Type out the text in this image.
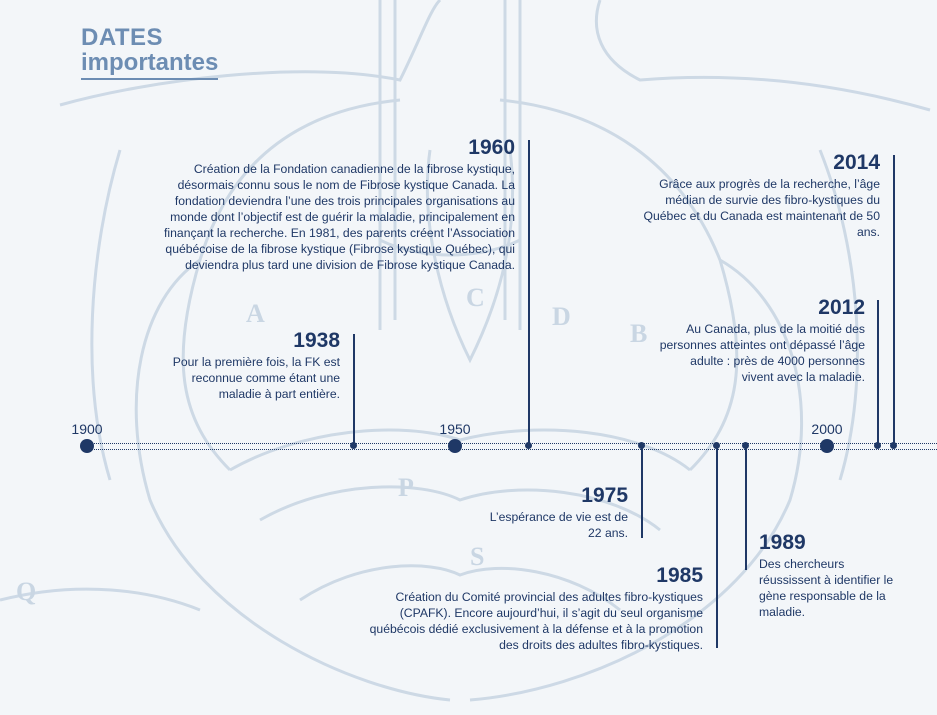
A
C
D
B
P
S
Q
DATES
importantes
1900	1950	2000
1938
Pour la première fois, la FK est reconnue comme étant une maladie à part entière.
1960
Création de la Fondation canadienne de la fibrose kystique, désormais connu sous le nom de Fibrose kystique Canada. La fondation deviendra l’une des trois principales organisations au monde dont l’objectif est de guérir la maladie, principalement en finançant la recherche. En 1981, des parents créent l’Association québécoise de la fibrose kystique (Fibrose kystique Québec), qui deviendra plus tard une division de Fibrose kystique Canada.
1975
L’espérance de vie est de 22 ans.
1985
Création du Comité provincial des adultes fibro-kystiques (CPAFK). Encore aujourd’hui, il s’agit du seul organisme québécois dédié exclusivement à la défense et à la promotion des droits des adultes fibro-kystiques.
1989
Des chercheurs réussissent à identifier le gène responsable de la maladie.
2012
Au Canada, plus de la moitié des personnes atteintes ont dépassé l’âge adulte : près de 4000 personnes vivent avec la maladie.
2014
Grâce aux progrès de la recherche, l’âge médian de survie des fibro-kystiques du Québec et du Canada est maintenant de 50 ans.
